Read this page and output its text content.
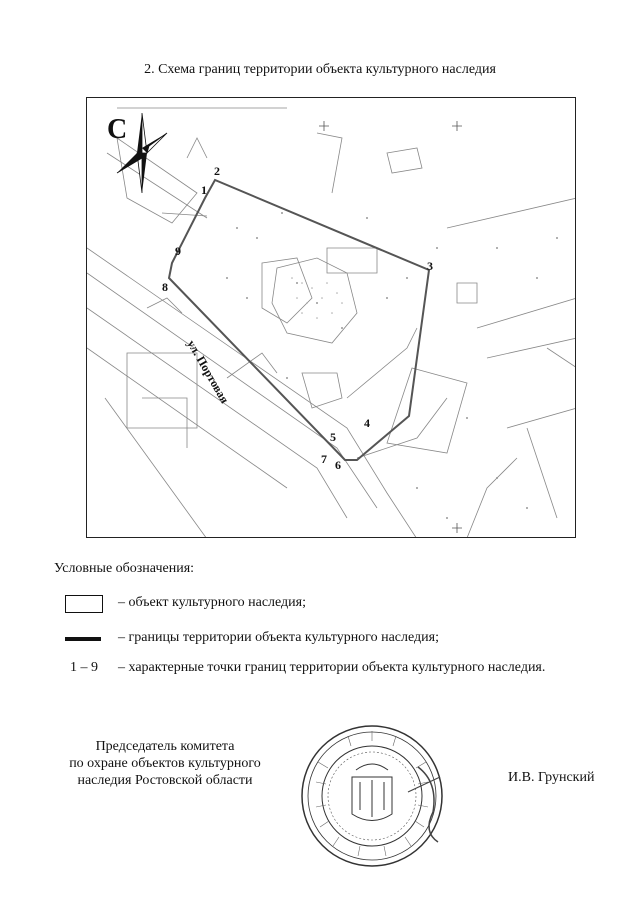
2. Схема границ территории объекта культурного наследия
С
ул. Портовая
1
2
3
4
5
6
7
8
9
Условные обозначения:
– объект культурного наследия;
– границы территории объекта культурного наследия;
1 – 9	– характерные точки границ территории объекта культурного наследия.
Председатель комитета
по охране объектов культурного
наследия Ростовской области	И.В. Грунский
